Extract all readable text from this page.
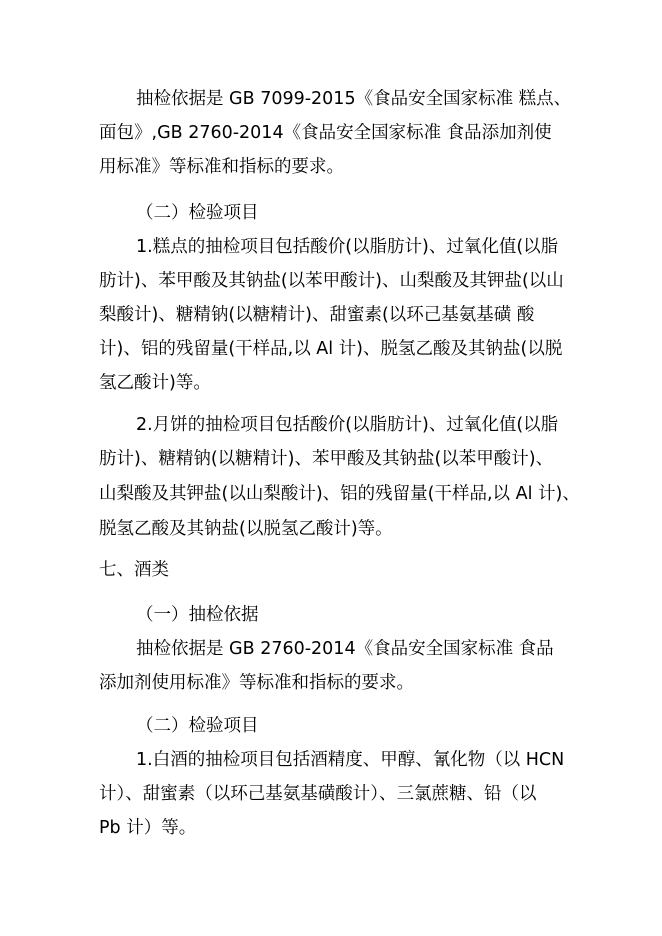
抽检依据是 GB 7099-2015《食品安全国家标准 糕点、
面包》,GB 2760-2014《食品安全国家标准 食品添加剂使
用标准》等标准和指标的要求。
（二）检验项目
1.糕点的抽检项目包括酸价(以脂肪计)、过氧化值(以脂
肪计)、苯甲酸及其钠盐(以苯甲酸计)、山梨酸及其钾盐(以山
梨酸计)、糖精钠(以糖精计)、甜蜜素(以环己基氨基磺 酸
计)、铝的残留量(干样品,以 Al 计)、脱氢乙酸及其钠盐(以脱
氢乙酸计)等。
2.月饼的抽检项目包括酸价(以脂肪计)、过氧化值(以脂
肪计)、糖精钠(以糖精计)、苯甲酸及其钠盐(以苯甲酸计)、
山梨酸及其钾盐(以山梨酸计)、铝的残留量(干样品,以 Al 计)、
脱氢乙酸及其钠盐(以脱氢乙酸计)等。
七、酒类
（一）抽检依据
抽检依据是 GB 2760-2014《食品安全国家标准 食品
添加剂使用标准》等标准和指标的要求。
（二）检验项目
1.白酒的抽检项目包括酒精度、甲醇、氰化物（以 HCN
计）、甜蜜素（以环己基氨基磺酸计）、三氯蔗糖、铅（以
Pb 计）等。
